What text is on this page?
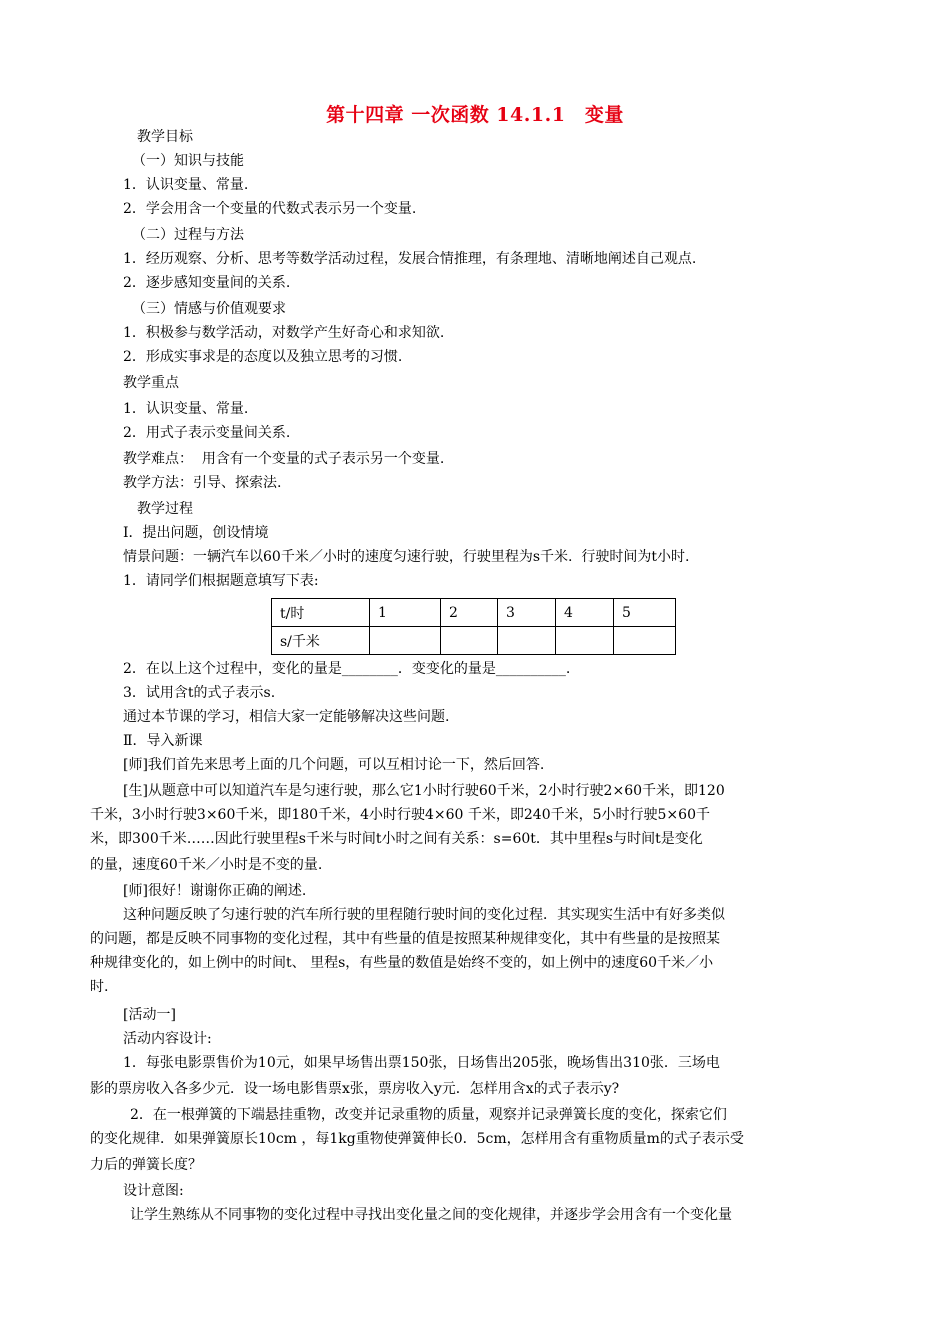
第十四章 一次函数 14.1.1　变量
教学目标
（一）知识与技能
1．认识变量、常量.
2．学会用含一个变量的代数式表示另一个变量.
（二）过程与方法
1．经历观察、分析、思考等数学活动过程，发展合情推理，有条理地、清晰地阐述自己观点.
2．逐步感知变量间的关系.
（三）情感与价值观要求
1．积极参与数学活动，对数学产生好奇心和求知欲.
2．形成实事求是的态度以及独立思考的习惯.
教学重点
1．认识变量、常量.
2．用式子表示变量间关系.
教学难点：  用含有一个变量的式子表示另一个变量.
教学方法：引导、探索法.
教学过程
Ⅰ．提出问题，创设情境
情景问题：一辆汽车以60千米／小时的速度匀速行驶，行驶里程为s千米.  行驶时间为t小时.
1．请同学们根据题意填写下表:
2．在以上这个过程中，变化的量是________．变变化的量是__________.
3．试用含t的式子表示s.
通过本节课的学习，相信大家一定能够解决这些问题.
Ⅱ．导入新课
[师]我们首先来思考上面的几个问题，可以互相讨论一下，然后回答.
[生]从题意中可以知道汽车是匀速行驶，那么它1小时行驶60千米，2小时行驶2×60千米，即120
千米，3小时行驶3×60千米，即180千米，4小时行驶4×60 千米，即240千米，5小时行驶5×60千
米，即300千米……因此行驶里程s千米与时间t小时之间有关系：s=60t．其中里程s与时间t是变化
的量，速度60千米／小时是不变的量.
[师]很好！谢谢你正确的阐述.
这种问题反映了匀速行驶的汽车所行驶的里程随行驶时间的变化过程．其实现实生活中有好多类似
的问题，都是反映不同事物的变化过程，其中有些量的值是按照某种规律变化，其中有些量的是按照某
种规律变化的，如上例中的时间t、 里程s，有些量的数值是始终不变的，如上例中的速度60千米／小
时.
[活动一]
活动内容设计:
1．每张电影票售价为10元，如果早场售出票150张，日场售出205张，晚场售出310张．三场电
影的票房收入各多少元．设一场电影售票x张，票房收入y元．怎样用含x的式子表示y?
2．在一根弹簧的下端悬挂重物，改变并记录重物的质量，观察并记录弹簧长度的变化，探索它们
的变化规律．如果弹簧原长10cm ，每1kg重物使弹簧伸长0．5cm，怎样用含有重物质量m的式子表示受
力后的弹簧长度？
设计意图:
让学生熟练从不同事物的变化过程中寻找出变化量之间的变化规律，并逐步学会用含有一个变化量
t/时	1	2	3	4	5
s/千米					
